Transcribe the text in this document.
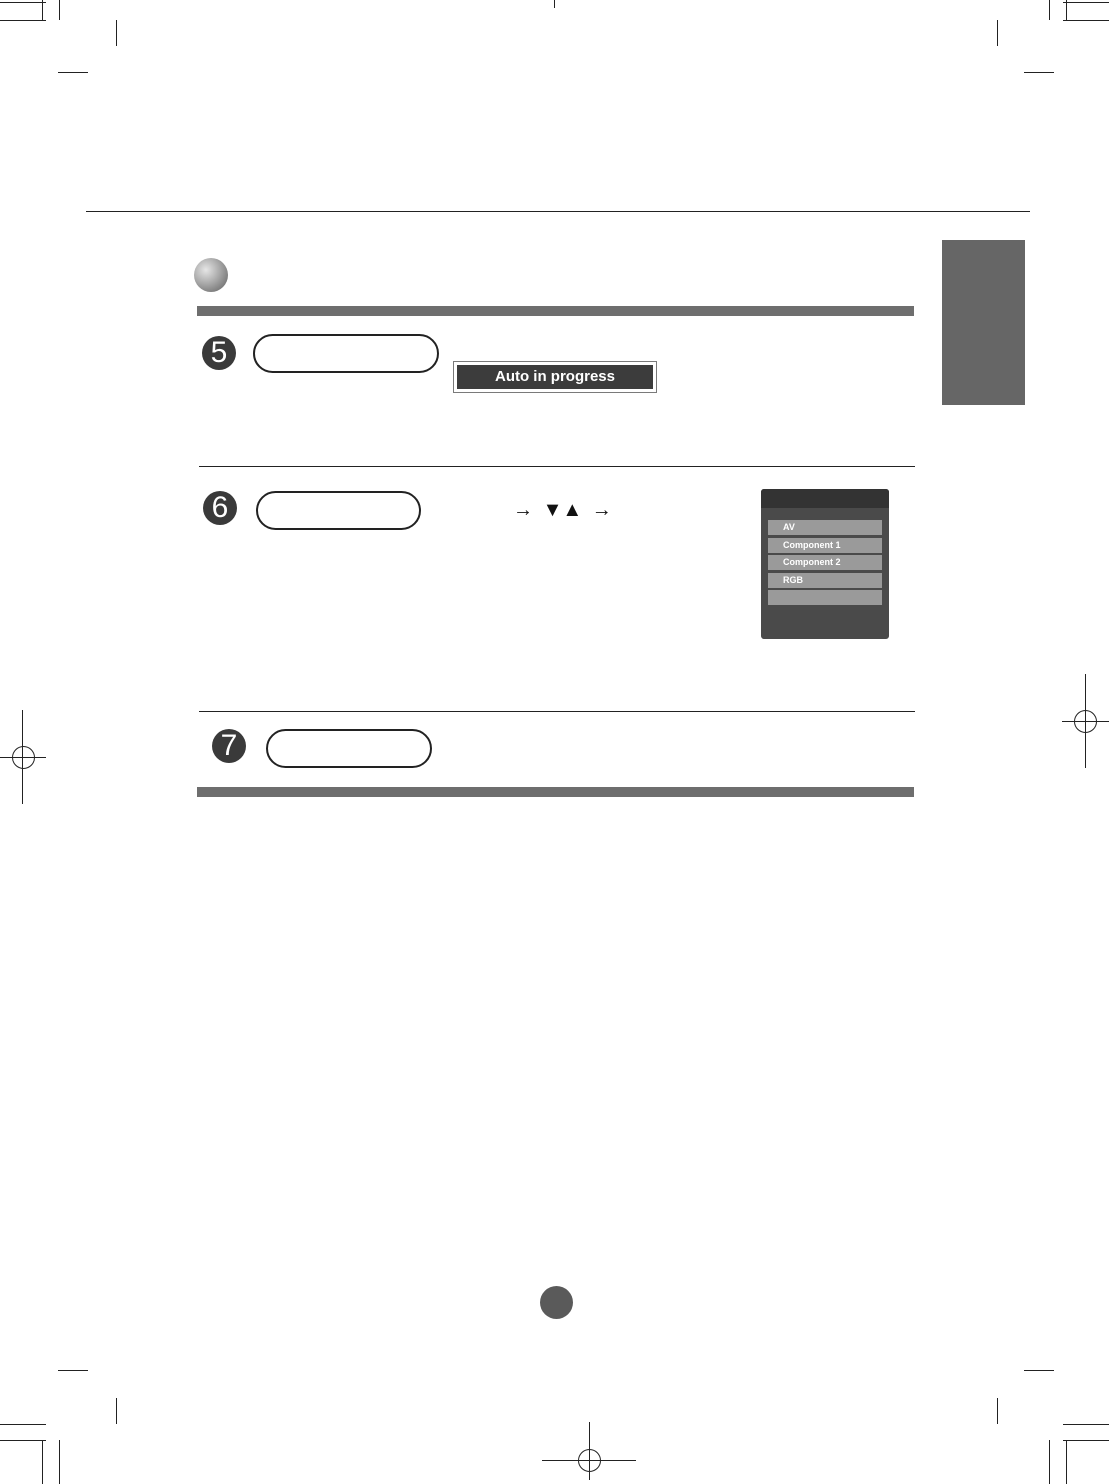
5
Auto in progress
6	→ ▼▲ →
AV
Component 1
Component 2
RGB
7
